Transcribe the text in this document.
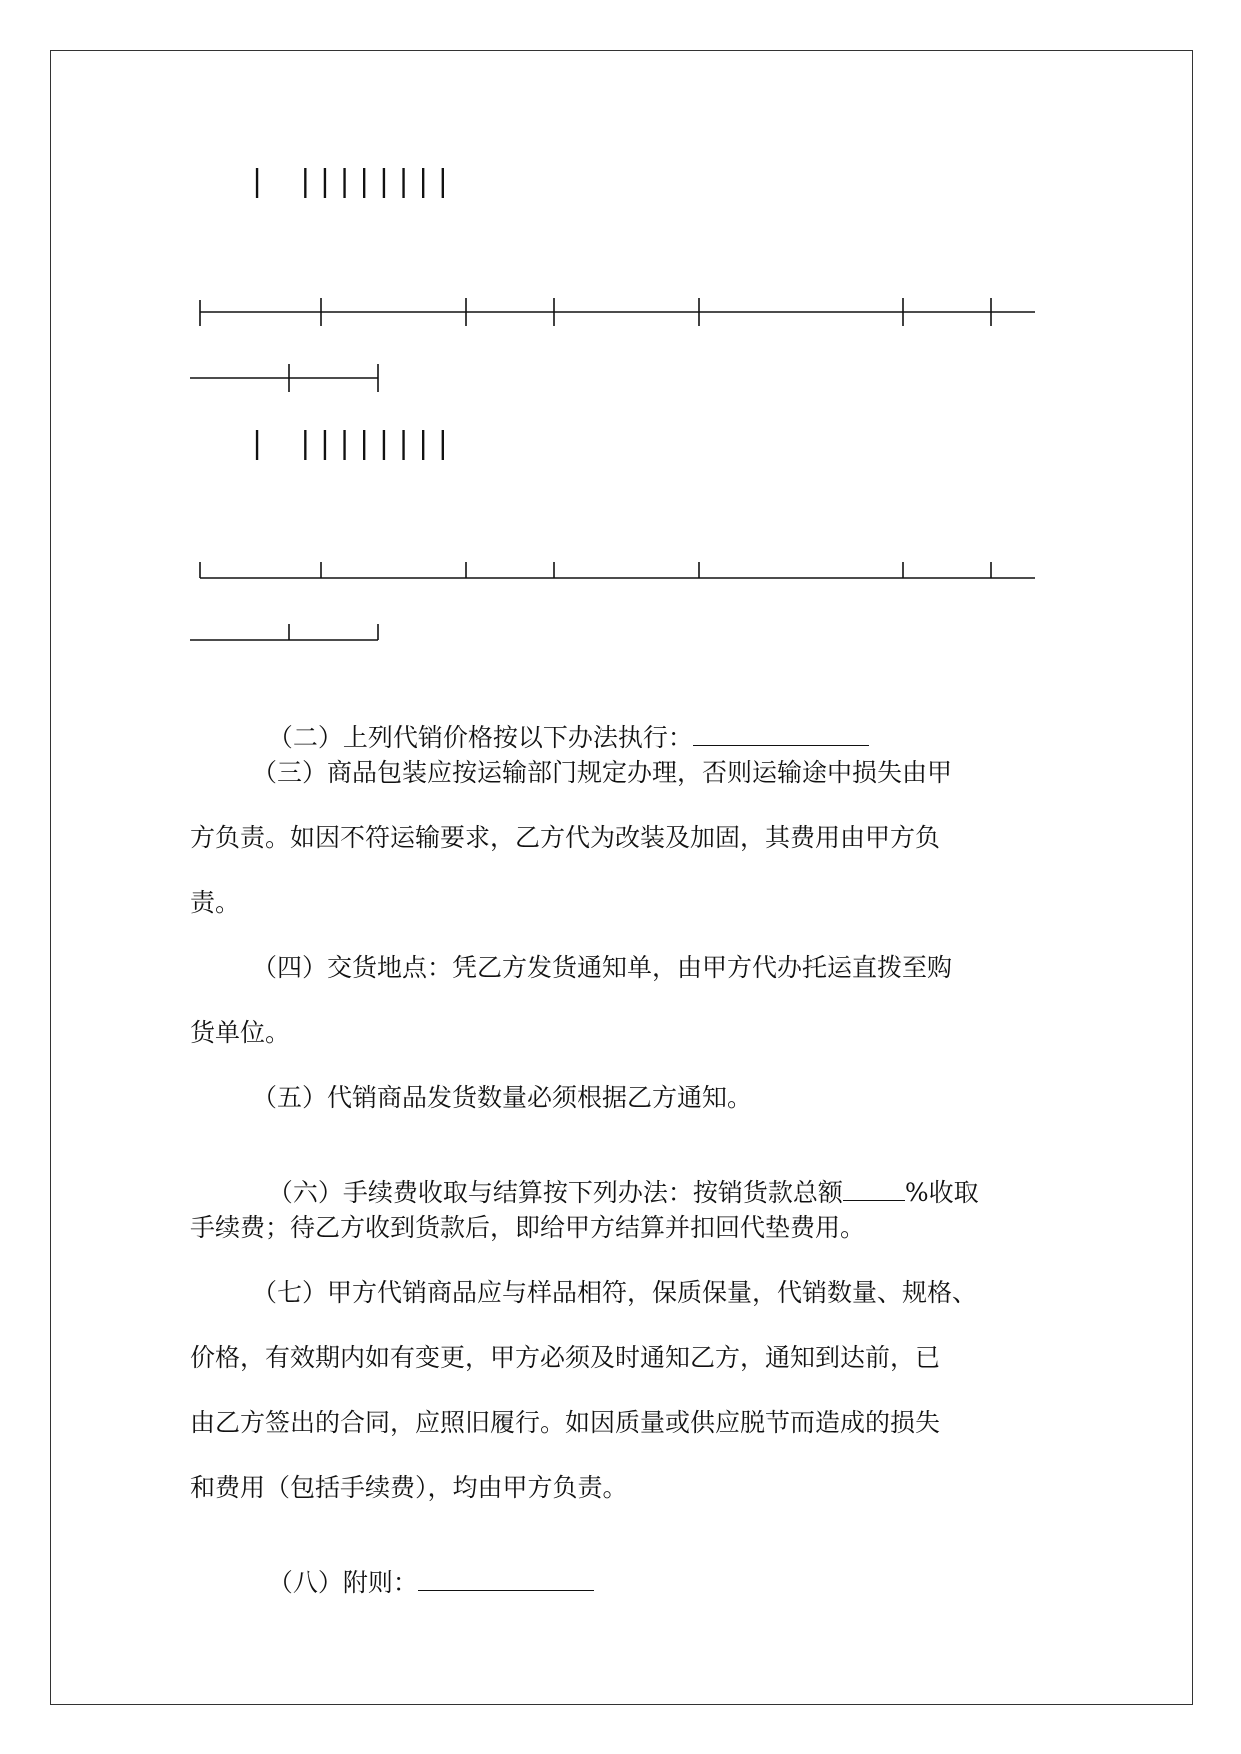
|    | | | | | | | |
|    | | | | | | | |

（二）上列代销价格按以下办法执行：

（三）商品包装应按运输部门规定办理，否则运输途中损失由甲
方负责。如因不符运输要求，乙方代为改装及加固，其费用由甲方负
责。
（四）交货地点：凭乙方发货通知单，由甲方代办托运直拨至购
货单位。
（五）代销商品发货数量必须根据乙方通知。

（六）手续费收取与结算按下列办法：按销货款总额 %收取

手续费；待乙方收到货款后，即给甲方结算并扣回代垫费用。
（七）甲方代销商品应与样品相符，保质保量，代销数量、规格、
价格，有效期内如有变更，甲方必须及时通知乙方，通知到达前，已
由乙方签出的合同，应照旧履行。如因质量或供应脱节而造成的损失
和费用（包括手续费），均由甲方负责。

（八）附则：
